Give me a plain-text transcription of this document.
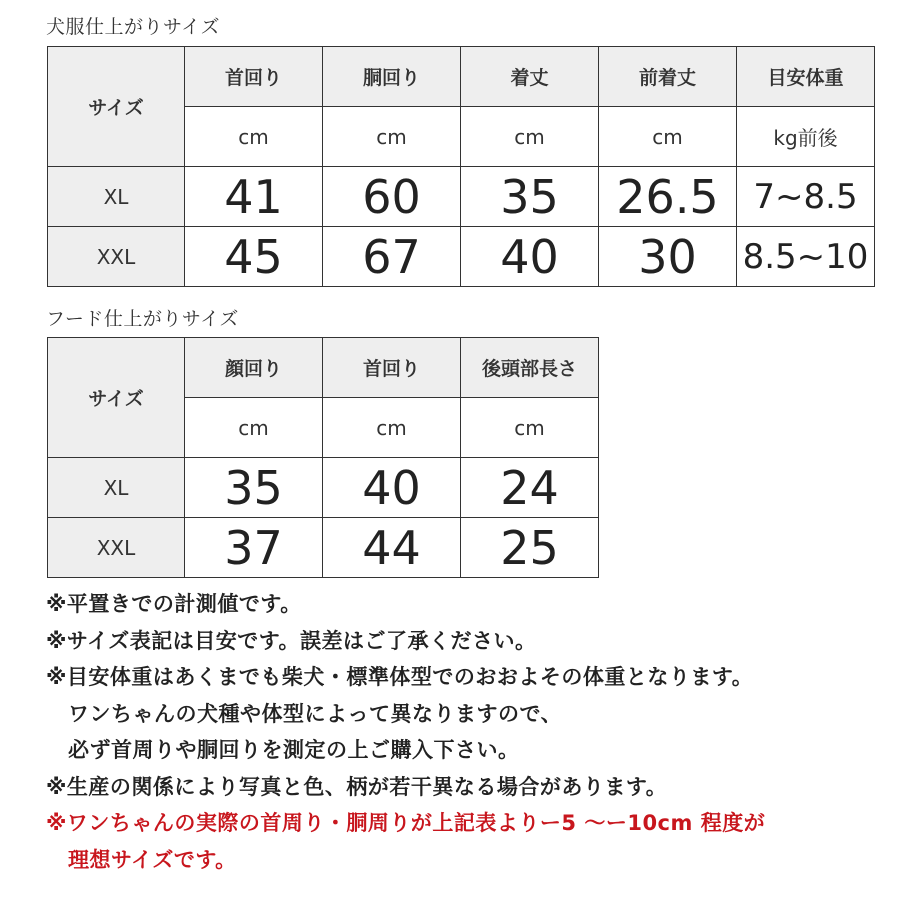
犬服仕上がりサイズ
サイズ	首回り	胴回り	着丈	前着丈	目安体重
	cm	cm	cm	cm	kg前後
XL	41	60	35	26.5	7~8.5
XXL	45	67	40	30	8.5~10
フード仕上がりサイズ
サイズ	顔回り	首回り	後頭部長さ
	cm	cm	cm
XL	35	40	24
XXL	37	44	25
※平置きでの計測値です。
※サイズ表記は目安です。誤差はご了承ください。
※目安体重はあくまでも柴犬・標準体型でのおおよその体重となります。
ワンちゃんの犬種や体型によって異なりますので、
必ず首周りや胴回りを測定の上ご購入下さい。
※生産の関係により写真と色、柄が若干異なる場合があります。
※ワンちゃんの実際の首周り・胴周りが上記表よりー5 ～ー10cm 程度が
理想サイズです。
